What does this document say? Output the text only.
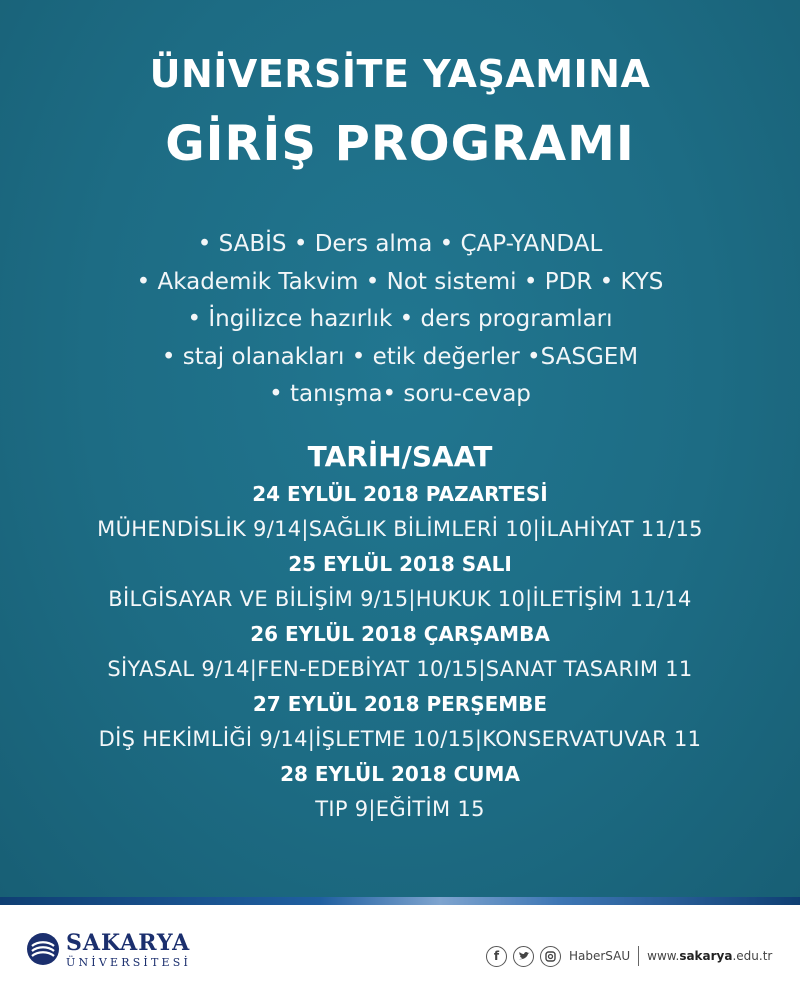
ÜNİVERSİTE YAŞAMINA
GİRİŞ PROGRAMI
• SABİS • Ders alma • ÇAP-YANDAL
• Akademik Takvim • Not sistemi • PDR • KYS
• İngilizce hazırlık • ders programları
• staj olanakları • etik değerler •SASGEM
• tanışma• soru-cevap
TARİH/SAAT
24 EYLÜL 2018 PAZARTESİ
MÜHENDİSLİK 9/14|SAĞLIK BİLİMLERİ 10|İLAHİYAT 11/15
25 EYLÜL 2018 SALI
BİLGİSAYAR VE BİLİŞİM 9/15|HUKUK 10|İLETİŞİM 11/14
26 EYLÜL 2018 ÇARŞAMBA
SİYASAL 9/14|FEN-EDEBİYAT 10/15|SANAT TASARIM 11
27 EYLÜL 2018 PERŞEMBE
DİŞ HEKİMLİĞİ 9/14|İŞLETME 10/15|KONSERVATUVAR 11
28 EYLÜL 2018 CUMA
TIP 9|EĞİTİM 15
SAKARYA
ÜNİVERSİTESİ	f	HaberSAU www.sakarya.edu.tr
